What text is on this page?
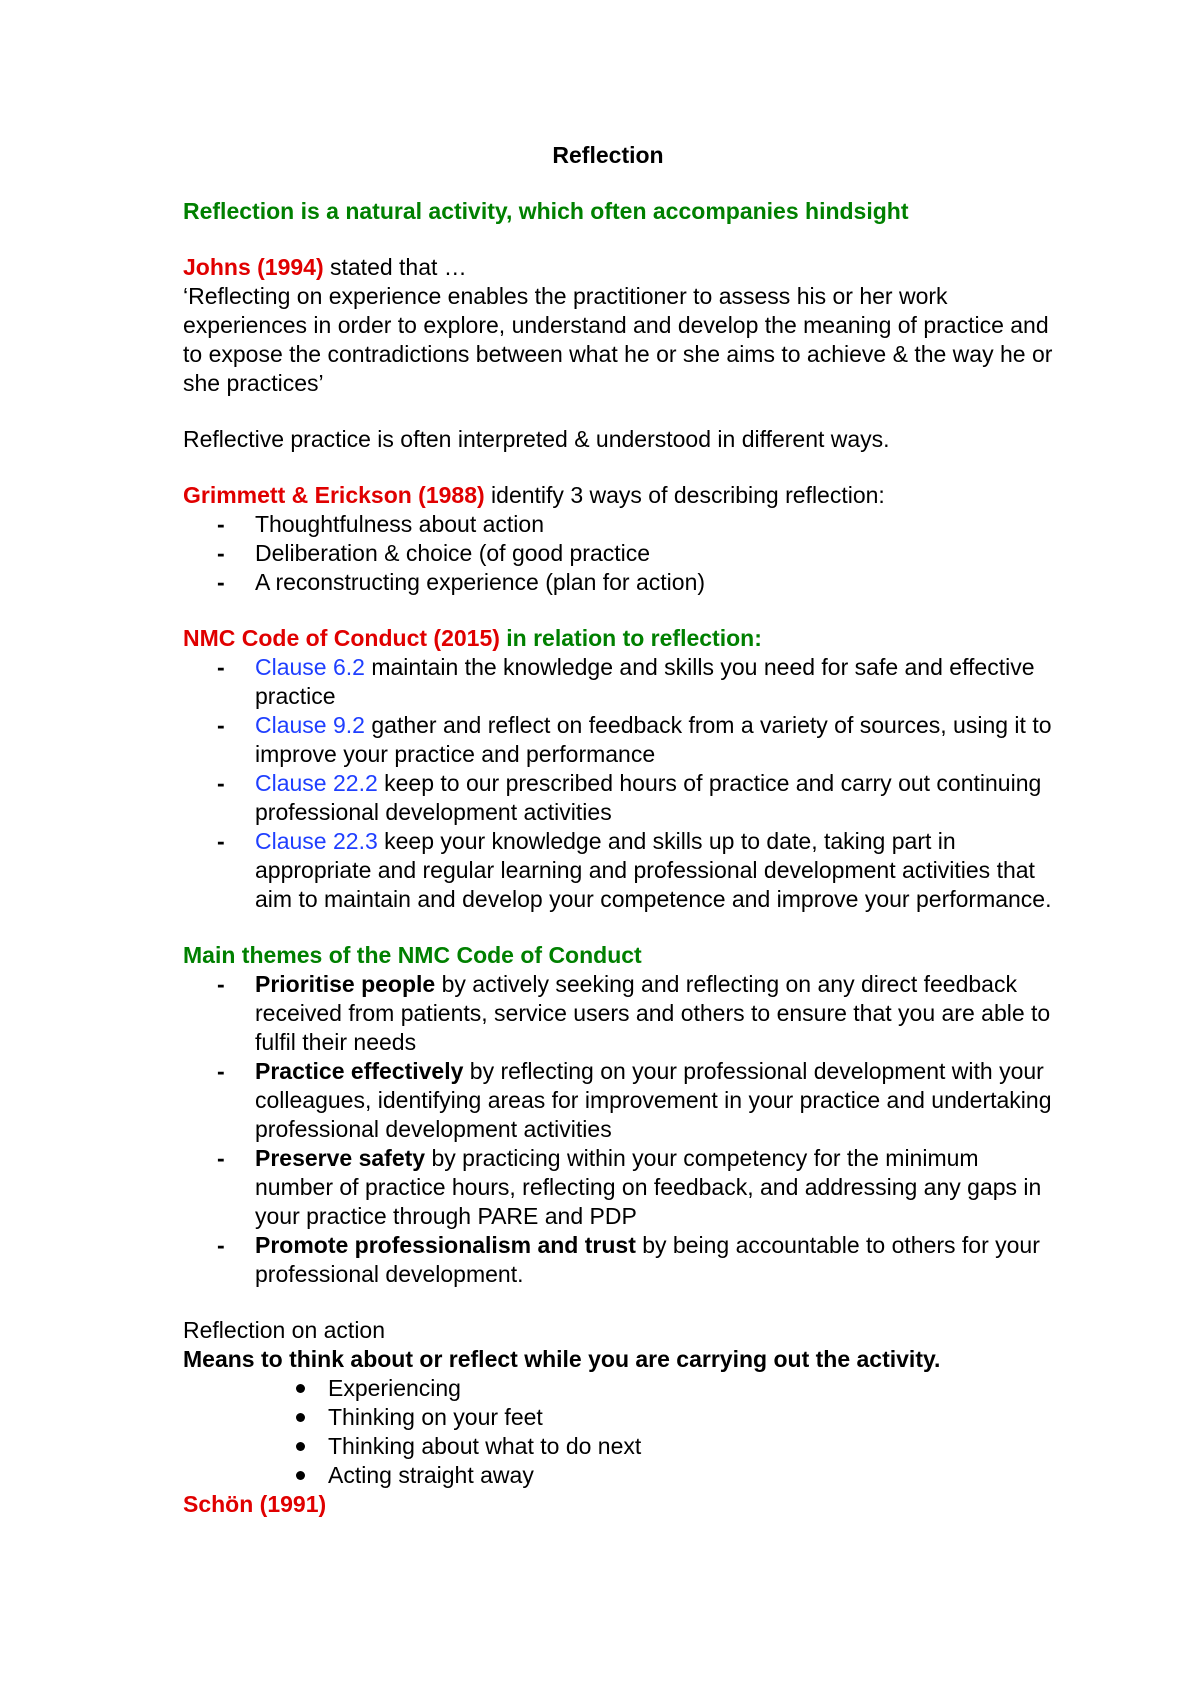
Reflection
Reflection is a natural activity, which often accompanies hindsight
Johns (1994) stated that …
‘Reflecting on experience enables the practitioner to assess his or her work experiences in order to explore, understand and develop the meaning of practice and to expose the contradictions between what he or she aims to achieve & the way he or she practices’
Reflective practice is often interpreted & understood in different ways.
Grimmett & Erickson (1988) identify 3 ways of describing reflection:
- Thoughtfulness about action
- Deliberation & choice (of good practice
- A reconstructing experience (plan for action)
NMC Code of Conduct (2015) in relation to reflection:
- Clause 6.2 maintain the knowledge and skills you need for safe and effective practice
- Clause 9.2 gather and reflect on feedback from a variety of sources, using it to improve your practice and performance
- Clause 22.2 keep to our prescribed hours of practice and carry out continuing professional development activities
- Clause 22.3 keep your knowledge and skills up to date, taking part in appropriate and regular learning and professional development activities that aim to maintain and develop your competence and improve your performance.
Main themes of the NMC Code of Conduct
- Prioritise people by actively seeking and reflecting on any direct feedback received from patients, service users and others to ensure that you are able to fulfil their needs
- Practice effectively by reflecting on your professional development with your colleagues, identifying areas for improvement in your practice and undertaking professional development activities
- Preserve safety by practicing within your competency for the minimum number of practice hours, reflecting on feedback, and addressing any gaps in your practice through PARE and PDP
- Promote professionalism and trust by being accountable to others for your professional development.
Reflection on action
Means to think about or reflect while you are carrying out the activity.
Experiencing
Thinking on your feet
Thinking about what to do next
Acting straight away
Schön (1991)
